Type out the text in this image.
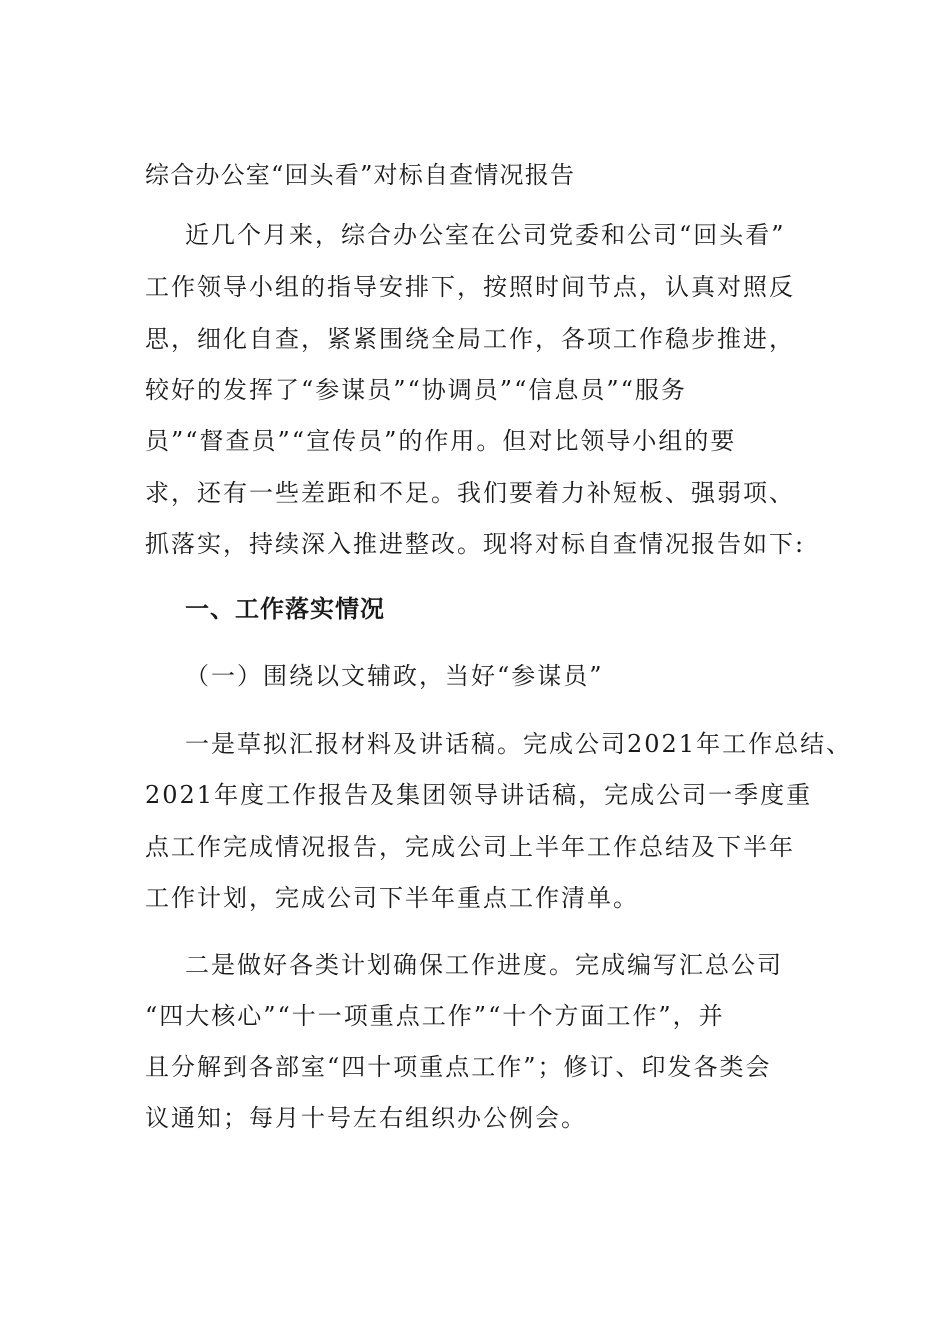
综合办公室“回头看”对标自查情况报告
近几个月来，综合办公室在公司党委和公司“回头看”
工作领导小组的指导安排下，按照时间节点，认真对照反
思，细化自查，紧紧围绕全局工作，各项工作稳步推进，
较好的发挥了“参谋员”“协调员”“信息员”“服务
员”“督查员”“宣传员”的作用。但对比领导小组的要
求，还有一些差距和不足。我们要着力补短板、强弱项、
抓落实，持续深入推进整改。现将对标自查情况报告如下:
一、工作落实情况
（一）围绕以文辅政，当好“参谋员”
一是草拟汇报材料及讲话稿。完成公司2021年工作总结、
2021年度工作报告及集团领导讲话稿，完成公司一季度重
点工作完成情况报告，完成公司上半年工作总结及下半年
工作计划，完成公司下半年重点工作清单。
二是做好各类计划确保工作进度。完成编写汇总公司
“四大核心”“十一项重点工作”“十个方面工作”，并
且分解到各部室“四十项重点工作”；修订、印发各类会
议通知；每月十号左右组织办公例会。
